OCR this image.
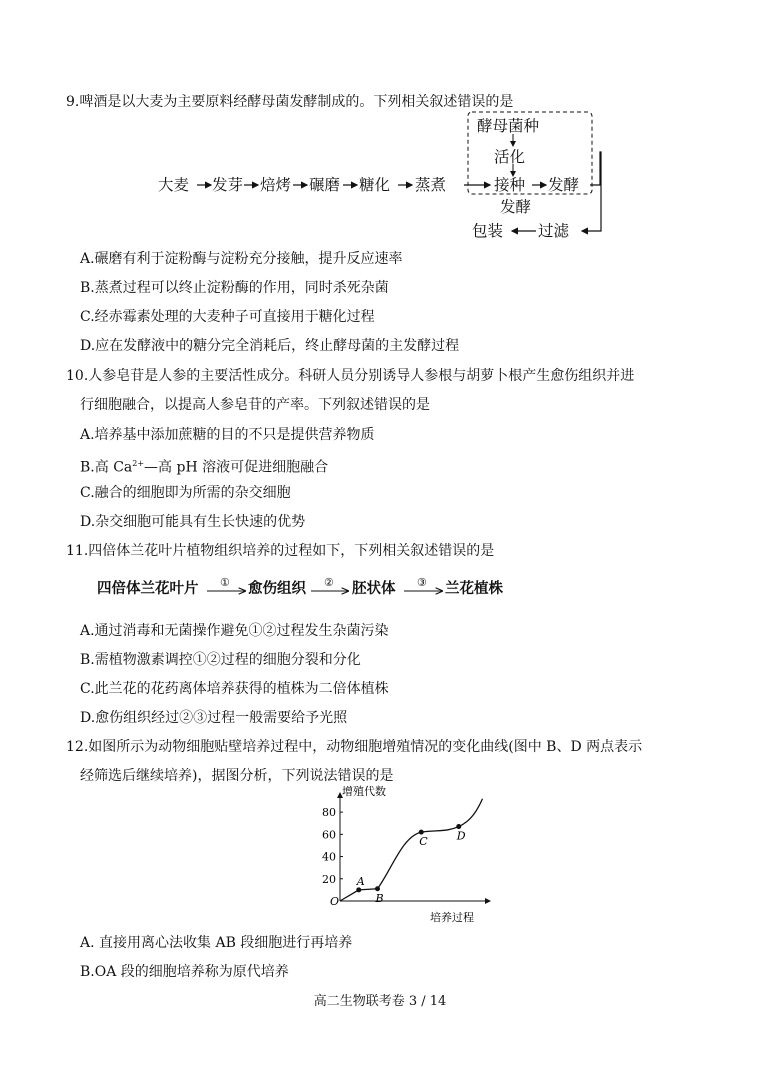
9.啤酒是以大麦为主要原料经酵母菌发酵制成的。下列相关叙述错误的是
大麦 发芽 焙烤 碾磨 糖化 蒸煮	接种 发酵
酵母菌种
活化
发酵
过滤
包装
A.碾磨有利于淀粉酶与淀粉充分接触，提升反应速率
B.蒸煮过程可以终止淀粉酶的作用，同时杀死杂菌
C.经赤霉素处理的大麦种子可直接用于糖化过程
D.应在发酵液中的糖分完全消耗后，终止酵母菌的主发酵过程
10.人参皂苷是人参的主要活性成分。科研人员分别诱导人参根与胡萝卜根产生愈伤组织并进
行细胞融合，以提高人参皂苷的产率。下列叙述错误的是
A.培养基中添加蔗糖的目的不只是提供营养物质
B.高 $Ca^{2+}—$高 pH 溶液可促进细胞融合
C.融合的细胞即为所需的杂交细胞
D.杂交细胞可能具有生长快速的优势
11.四倍体兰花叶片植物组织培养的过程如下，下列相关叙述错误的是
四倍体兰花叶片	愈伤组织	胚状体	兰花植株
①	②	③
A.通过消毒和无菌操作避免①②过程发生杂菌污染
B.需植物激素调控①②过程的细胞分裂和分化
C.此兰花的花药离体培养获得的植株为二倍体植株
D.愈伤组织经过②③过程一般需要给予光照
12.如图所示为动物细胞贴壁培养过程中，动物细胞增殖情况的变化曲线(图中 B、D 两点表示
经筛选后继续培养)，据图分析，下列说法错误的是
增殖代数
培养过程
O
20
40
60
80
A
B
C	D
A. 直接用离心法收集 AB 段细胞进行再培养
B.OA 段的细胞培养称为原代培养
高二生物联考卷 3 / 14
